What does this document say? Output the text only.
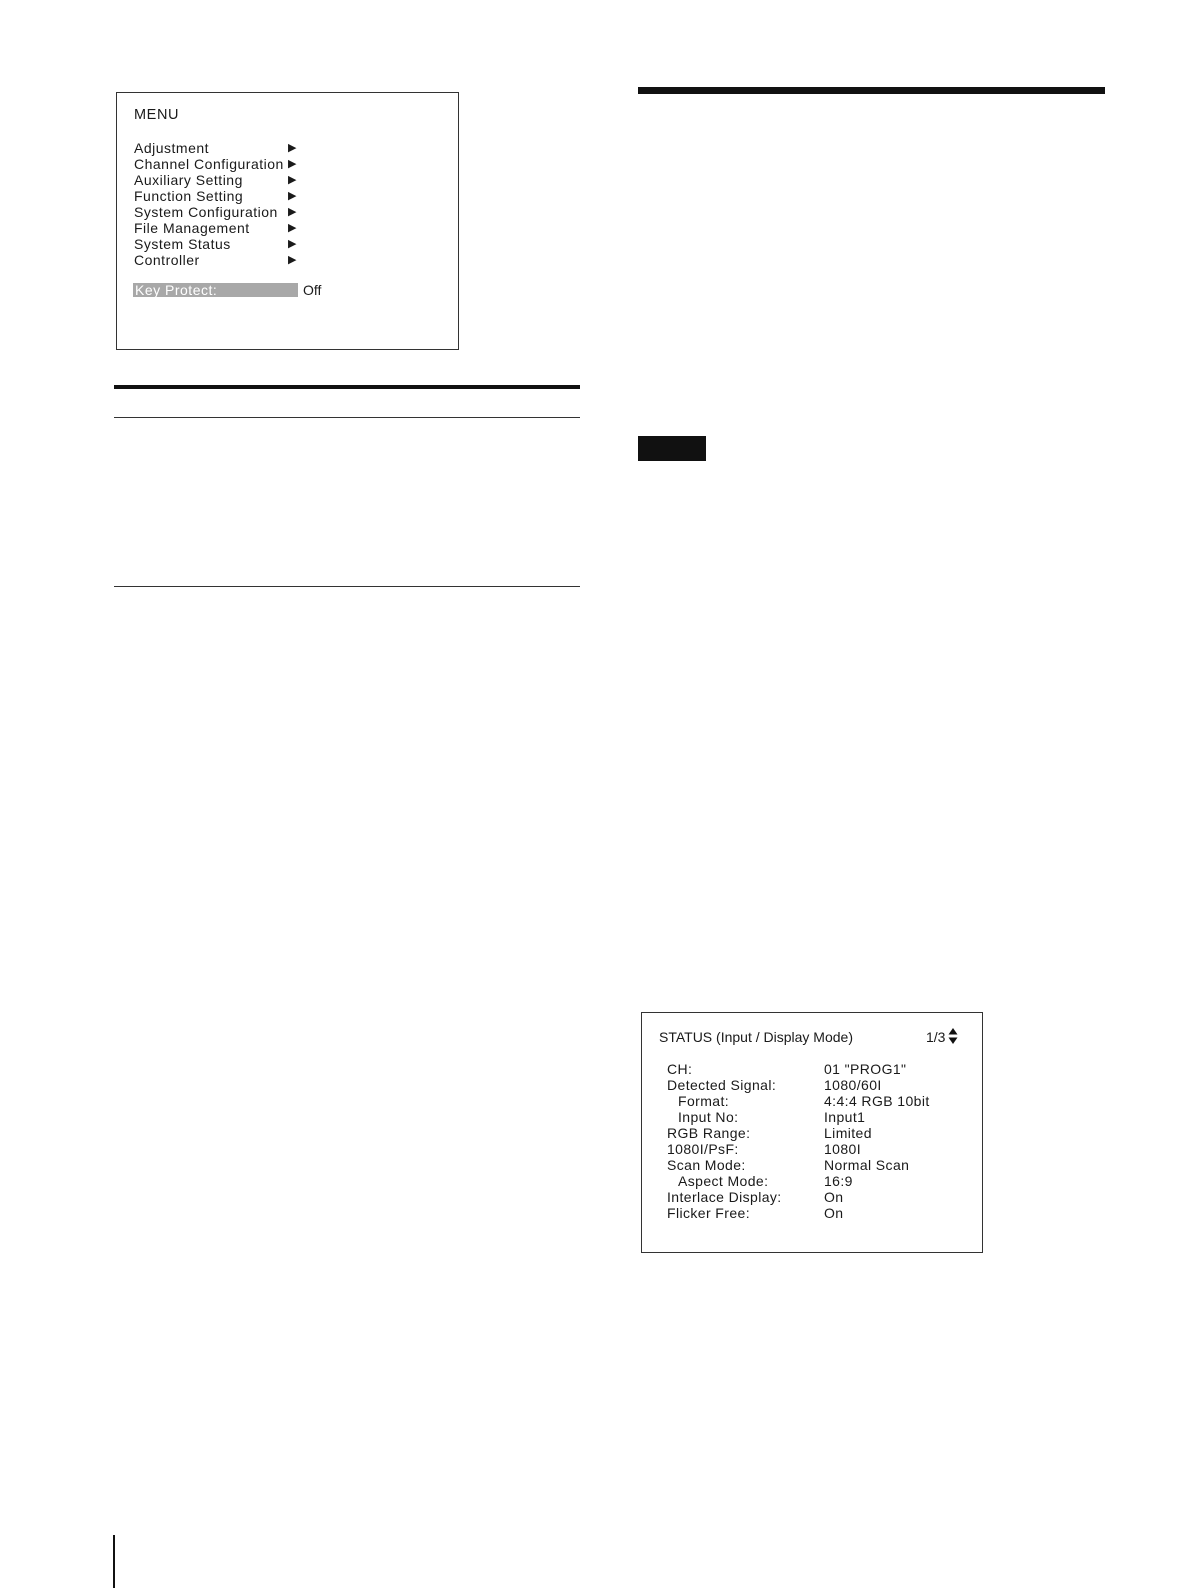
MENU
Adjustment	▶
Channel Configuration ▶
Auxiliary Setting	▶
Function Setting	▶
System Configuration ▶
File Management	▶
System Status	▶
Controller	▶
Key Protect:	Off
STATUS (Input / Display Mode)	1/3
CH:	01 "PROG1"
Detected Signal:	1080/60I
Format:	4:4:4 RGB 10bit
Input No:	Input1
RGB Range:	Limited
1080I/PsF:	1080I
Scan Mode:	Normal Scan
Aspect Mode:	16:9
Interlace Display:	On
Flicker Free:	On
